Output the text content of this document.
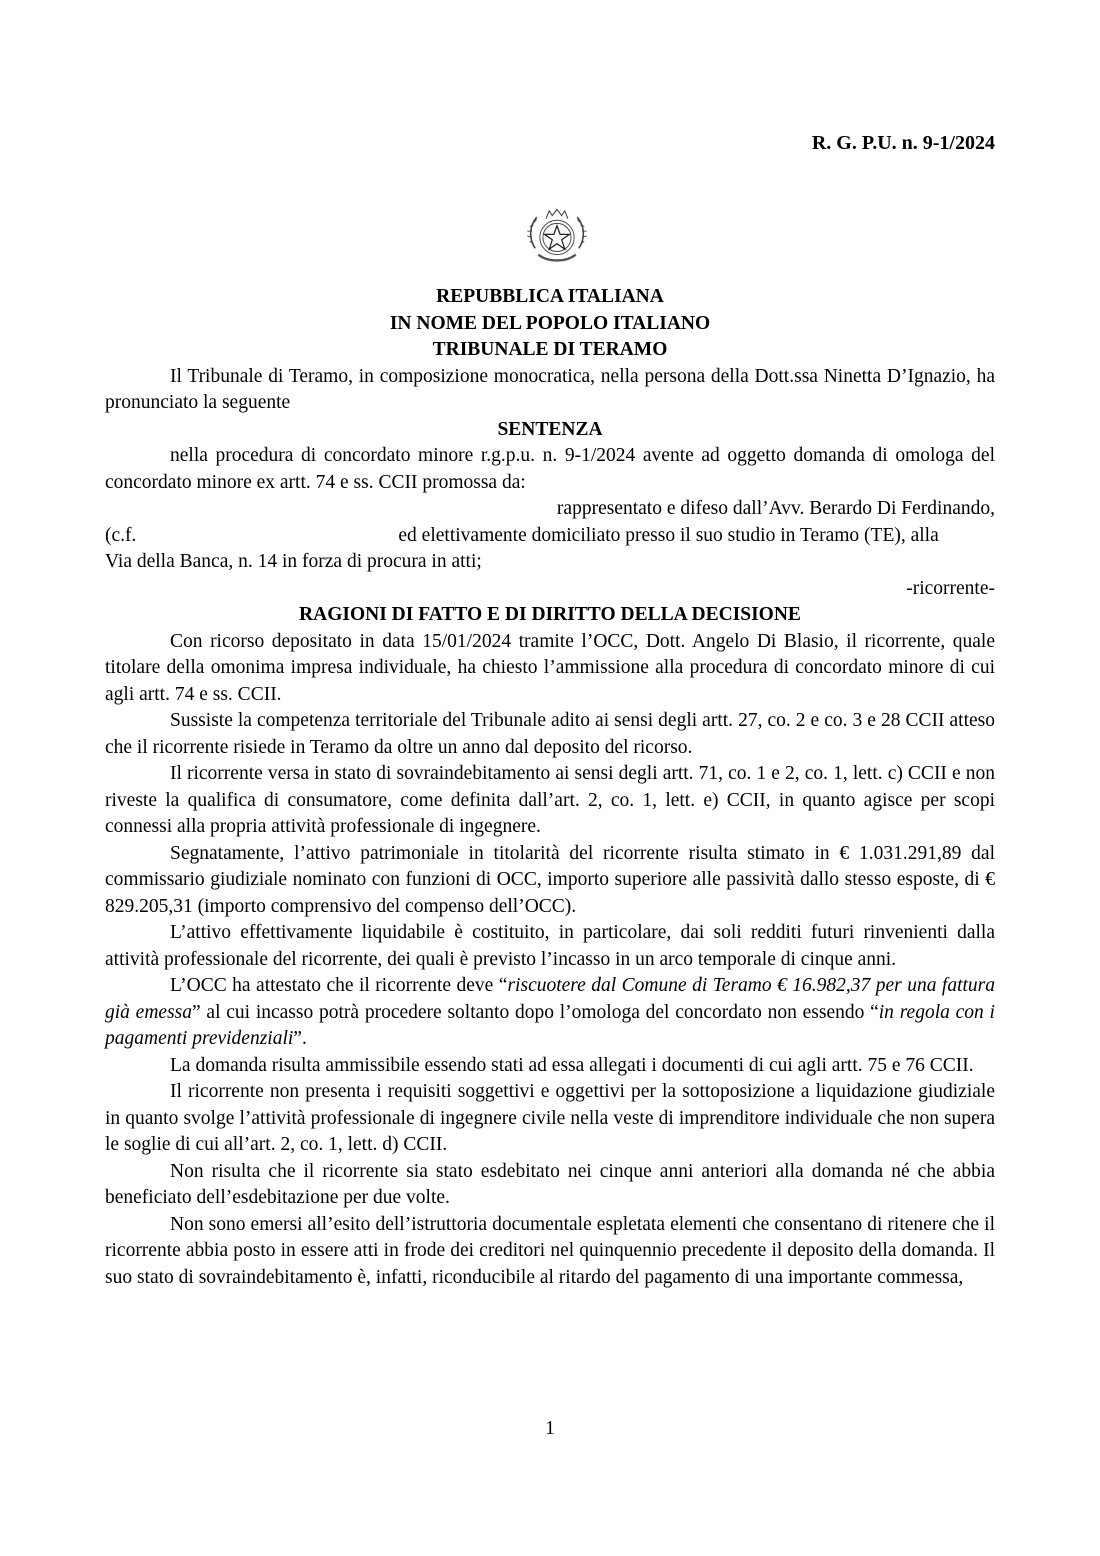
R. G. P.U. n. 9-1/2024
REPUBBLICA ITALIANA
IN NOME DEL POPOLO ITALIANO
TRIBUNALE DI TERAMO

Il Tribunale di Teramo, in composizione monocratica, nella persona della Dott.ssa Ninetta D’Ignazio, ha pronunciato la seguente

SENTENZA

nella procedura di concordato minore r.g.p.u. n. 9-1/2024 avente ad oggetto domanda di omologa del concordato minore ex artt. 74 e ss. CCII promossa da:

rappresentato e difeso dall’Avv. Berardo Di Ferdinando,

(c.f.	ed elettivamente domiciliato presso il suo studio in Teramo (TE), alla

Via della Banca, n. 14 in forza di procura in atti;

-ricorrente-

RAGIONI DI FATTO E DI DIRITTO DELLA DECISIONE

Con ricorso depositato in data 15/01/2024 tramite l’OCC, Dott. Angelo Di Blasio, il ricorrente, quale titolare della omonima impresa individuale, ha chiesto l’ammissione alla procedura di concordato minore di cui agli artt. 74 e ss. CCII.

Sussiste la competenza territoriale del Tribunale adito ai sensi degli artt. 27, co. 2 e co. 3 e 28 CCII atteso che il ricorrente risiede in Teramo da oltre un anno dal deposito del ricorso.

Il ricorrente versa in stato di sovraindebitamento ai sensi degli artt. 71, co. 1 e 2, co. 1, lett. c) CCII e non riveste la qualifica di consumatore, come definita dall’art. 2, co. 1, lett. e) CCII, in quanto agisce per scopi connessi alla propria attività professionale di ingegnere.

Segnatamente, l’attivo patrimoniale in titolarità del ricorrente risulta stimato in € 1.031.291,89 dal commissario giudiziale nominato con funzioni di OCC, importo superiore alle passività dallo stesso esposte, di € 829.205,31 (importo comprensivo del compenso dell’OCC).

L’attivo effettivamente liquidabile è costituito, in particolare, dai soli redditi futuri rinvenienti dalla attività professionale del ricorrente, dei quali è previsto l’incasso in un arco temporale di cinque anni.

L’OCC ha attestato che il ricorrente deve “riscuotere dal Comune di Teramo € 16.982,37 per una fattura già emessa” al cui incasso potrà procedere soltanto dopo l’omologa del concordato non essendo “in regola con i pagamenti previdenziali”.

La domanda risulta ammissibile essendo stati ad essa allegati i documenti di cui agli artt. 75 e 76 CCII.

Il ricorrente non presenta i requisiti soggettivi e oggettivi per la sottoposizione a liquidazione giudiziale in quanto svolge l’attività professionale di ingegnere civile nella veste di imprenditore individuale che non supera le soglie di cui all’art. 2, co. 1, lett. d) CCII.

Non risulta che il ricorrente sia stato esdebitato nei cinque anni anteriori alla domanda né che abbia beneficiato dell’esdebitazione per due volte.

Non sono emersi all’esito dell’istruttoria documentale espletata elementi che consentano di ritenere che il ricorrente abbia posto in essere atti in frode dei creditori nel quinquennio precedente il deposito della domanda. Il suo stato di sovraindebitamento è, infatti, riconducibile al ritardo del pagamento di una importante commessa,

1
